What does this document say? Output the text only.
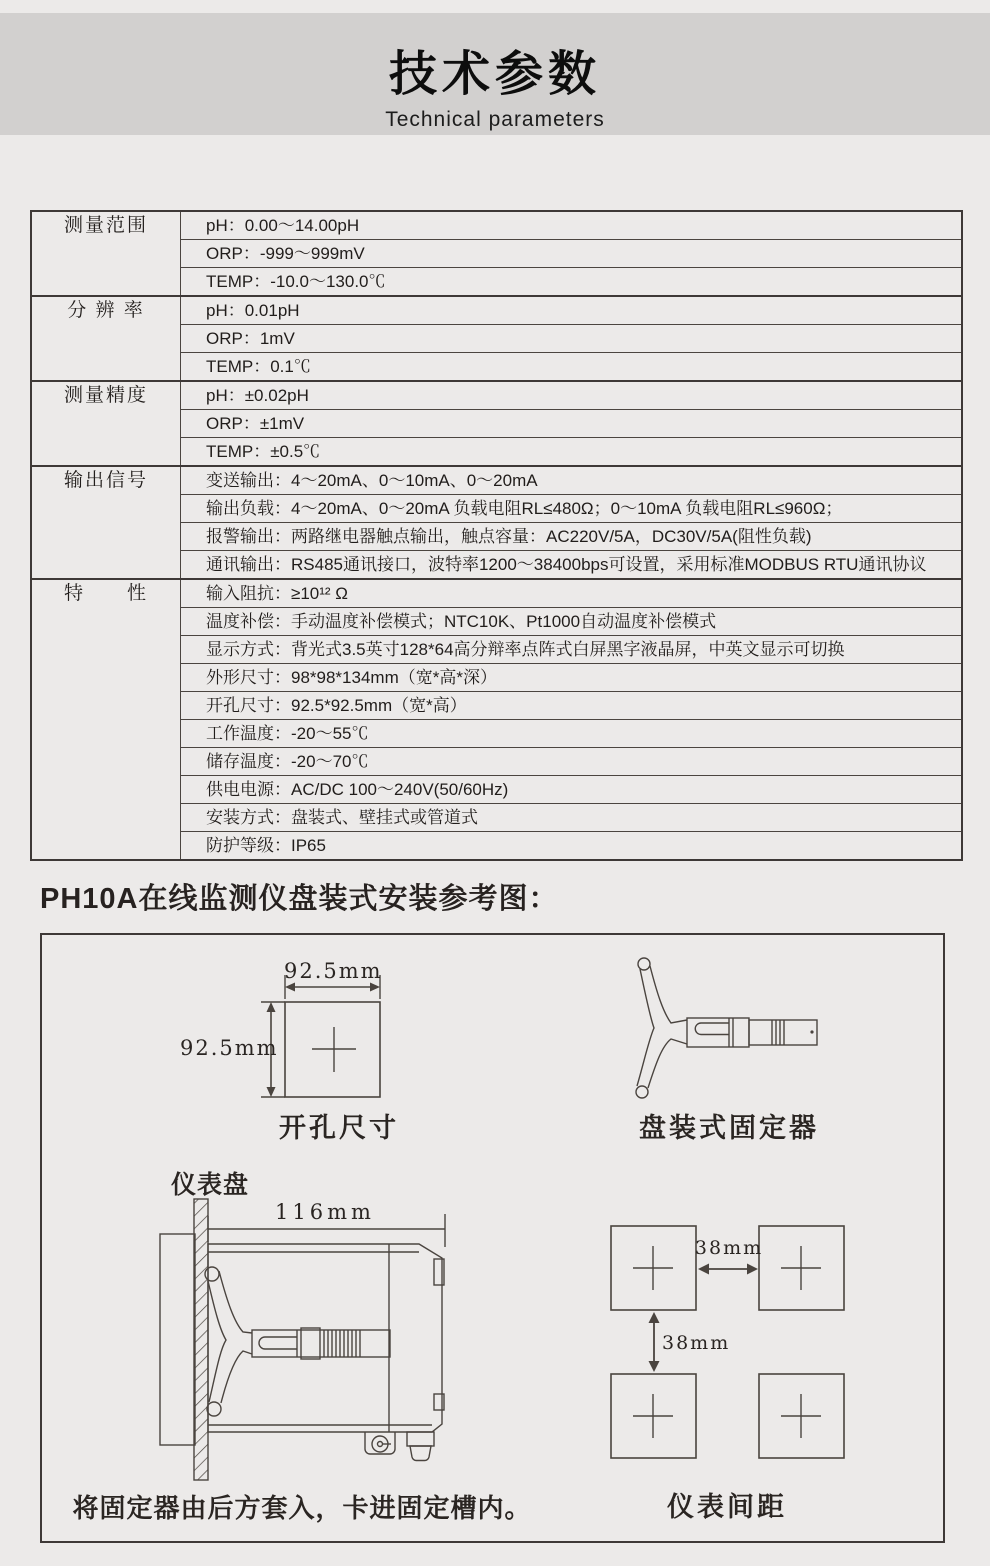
技术参数
Technical parameters
测量范围	pH：0.00～14.00pH
	ORP：-999～999mV
	TEMP：-10.0～130.0℃
分 辨 率	pH：0.01pH
	ORP：1mV
	TEMP：0.1℃
测量精度	pH：±0.02pH
	ORP：±1mV
	TEMP：±0.5℃
输出信号	变送输出：4～20mA、0～10mA、0～20mA
	输出负载：4～20mA、0～20mA 负载电阻RL≤480Ω；0～10mA 负载电阻RL≤960Ω；
	报警输出：两路继电器触点输出，触点容量：AC220V/5A，DC30V/5A(阻性负载)
	通讯输出：RS485通讯接口，波特率1200～38400bps可设置，采用标准MODBUS RTU通讯协议
特　　性	输入阻抗：≥10¹² Ω
	温度补偿：手动温度补偿模式；NTC10K、Pt1000自动温度补偿模式
	显示方式：背光式3.5英寸128*64高分辩率点阵式白屏黑字液晶屏，中英文显示可切换
	外形尺寸：98*98*134mm（宽*高*深）
	开孔尺寸：92.5*92.5mm（宽*高）
	工作温度：-20～55℃
	储存温度：-20～70℃
	供电电源：AC/DC 100～240V(50/60Hz)
	安装方式：盘装式、壁挂式或管道式
	防护等级：IP65
PH10A在线监测仪盘装式安装参考图：
92.5mm
92.5mm
开孔尺寸	盘装式固定器
仪表盘
116mm
将固定器由后方套入，卡进固定槽内。
38mm
38mm
仪表间距
